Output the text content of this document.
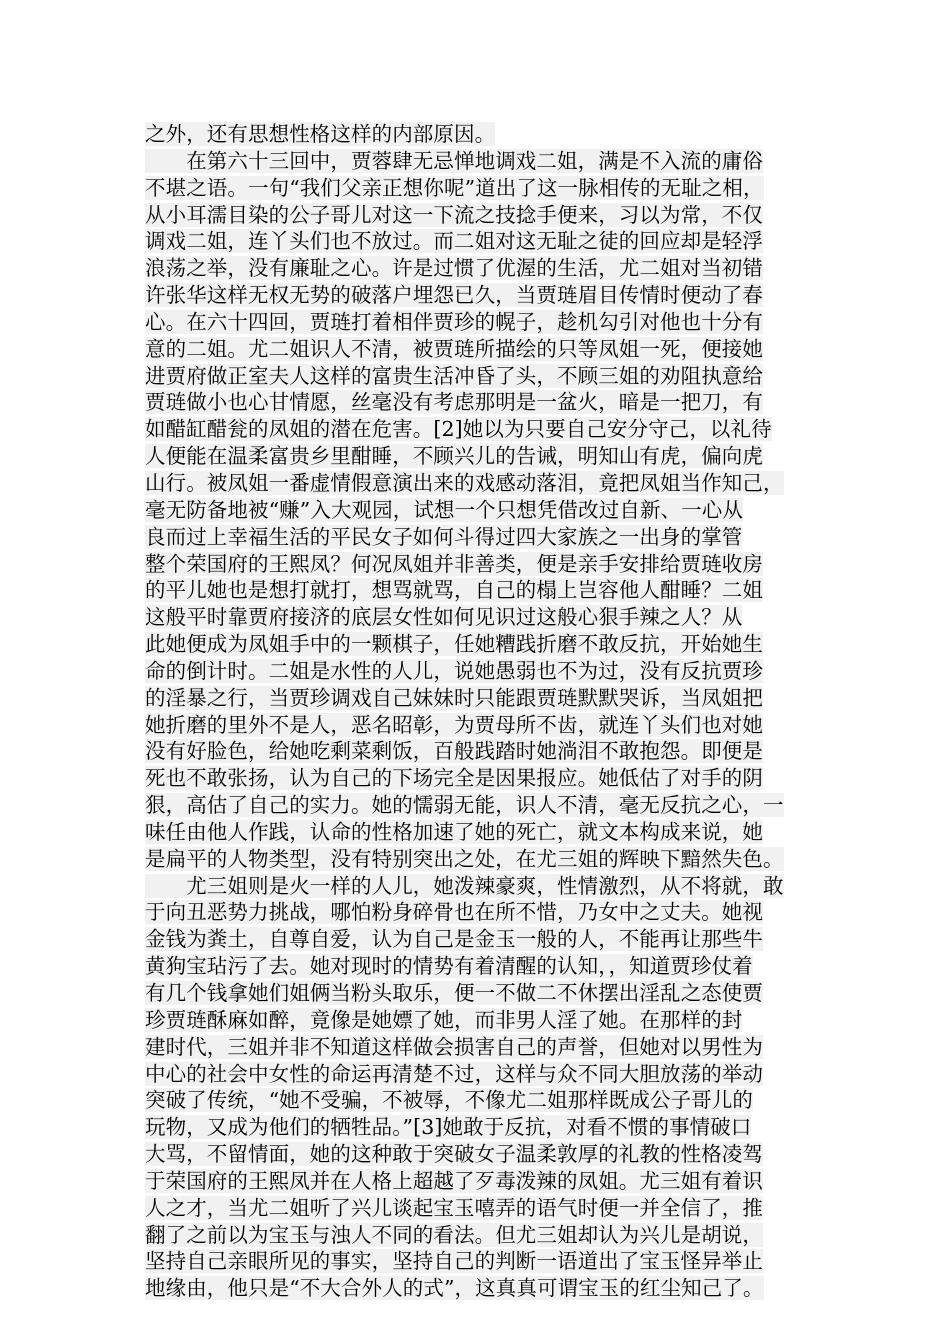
之外，还有思想性格这样的内部原因。
　　在第六十三回中，贾蓉肆无忌惮地调戏二姐，满是不入流的庸俗
不堪之语。一句“我们父亲正想你呢”道出了这一脉相传的无耻之相，
从小耳濡目染的公子哥儿对这一下流之技捻手便来，习以为常，不仅
调戏二姐，连丫头们也不放过。而二姐对这无耻之徒的回应却是轻浮
浪荡之举，没有廉耻之心。许是过惯了优渥的生活，尤二姐对当初错
许张华这样无权无势的破落户埋怨已久，当贾琏眉目传情时便动了春
心。在六十四回，贾琏打着相伴贾珍的幌子，趁机勾引对他也十分有
意的二姐。尤二姐识人不清，被贾琏所描绘的只等凤姐一死，便接她
进贾府做正室夫人这样的富贵生活冲昏了头，不顾三姐的劝阻执意给
贾琏做小也心甘情愿，丝毫没有考虑那明是一盆火，暗是一把刀，有
如醋缸醋瓮的凤姐的潜在危害。[2]她以为只要自己安分守己，以礼待
人便能在温柔富贵乡里酣睡，不顾兴儿的告诫，明知山有虎，偏向虎
山行。被凤姐一番虚情假意演出来的戏感动落泪，竟把凤姐当作知己，
毫无防备地被“赚”入大观园，试想一个只想凭借改过自新、一心从
良而过上幸福生活的平民女子如何斗得过四大家族之一出身的掌管
整个荣国府的王熙凤？何况凤姐并非善类，便是亲手安排给贾琏收房
的平儿她也是想打就打，想骂就骂，自己的榻上岂容他人酣睡？二姐
这般平时靠贾府接济的底层女性如何见识过这般心狠手辣之人？从
此她便成为凤姐手中的一颗棋子，任她糟践折磨不敢反抗，开始她生
命的倒计时。二姐是水性的人儿，说她愚弱也不为过，没有反抗贾珍
的淫暴之行，当贾珍调戏自己妹妹时只能跟贾琏默默哭诉，当凤姐把
她折磨的里外不是人，恶名昭彰，为贾母所不齿，就连丫头们也对她
没有好脸色，给她吃剩菜剩饭，百般践踏时她淌泪不敢抱怨。即便是
死也不敢张扬，认为自己的下场完全是因果报应。她低估了对手的阴
狠，高估了自己的实力。她的懦弱无能，识人不清，毫无反抗之心，一
味任由他人作践，认命的性格加速了她的死亡，就文本构成来说，她
是扁平的人物类型，没有特别突出之处，在尤三姐的辉映下黯然失色。
　　尤三姐则是火一样的人儿，她泼辣豪爽，性情激烈，从不将就，敢
于向丑恶势力挑战，哪怕粉身碎骨也在所不惜，乃女中之丈夫。她视
金钱为粪土，自尊自爱，认为自己是金玉一般的人，不能再让那些牛
黄狗宝玷污了去。她对现时的情势有着清醒的认知，，知道贾珍仗着
有几个钱拿她们姐俩当粉头取乐，便一不做二不休摆出淫乱之态使贾
珍贾琏酥麻如醉，竟像是她嫖了她，而非男人淫了她。在那样的封
建时代，三姐并非不知道这样做会损害自己的声誉，但她对以男性为
中心的社会中女性的命运再清楚不过，这样与众不同大胆放荡的举动
突破了传统，“她不受骗，不被辱，不像尤二姐那样既成公子哥儿的
玩物，又成为他们的牺牲品。”[3]她敢于反抗，对看不惯的事情破口
大骂，不留情面，她的这种敢于突破女子温柔敦厚的礼教的性格凌驾
于荣国府的王熙凤并在人格上超越了歹毒泼辣的凤姐。尤三姐有着识
人之才，当尤二姐听了兴儿谈起宝玉嘻弄的语气时便一并全信了，推
翻了之前以为宝玉与浊人不同的看法。但尤三姐却认为兴儿是胡说，
坚持自己亲眼所见的事实，坚持自己的判断一语道出了宝玉怪异举止
地缘由，他只是“不大合外人的式”，这真真可谓宝玉的红尘知己了。
